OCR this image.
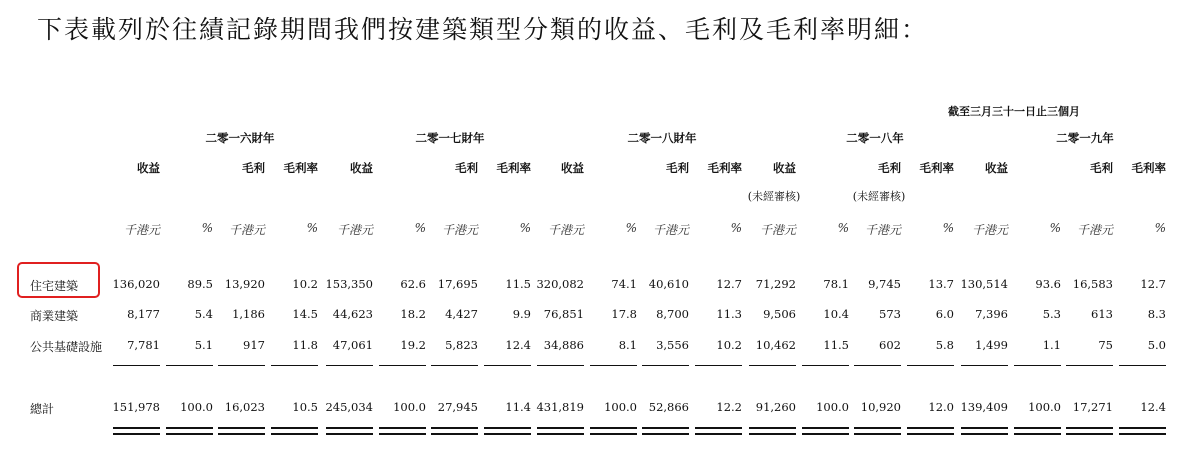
下表載列於往績記錄期間我們按建築類型分類的收益、毛利及毛利率明細：
截至三月三十一日止三個月
二零一六財年	二零一七財年	二零一八財年	二零一八年	二零一九年
收益	毛利	毛利率	收益	毛利	毛利率	收益	毛利	毛利率	收益	毛利	毛利率	收益	毛利	毛利率
(未經審核)	(未經審核)
千港元	%	千港元	%	千港元	%	千港元	%	千港元	%	千港元	%	千港元	%	千港元	%	千港元	%	千港元	%
住宅建築	136,020	89.5	13,920	10.2 153,350	62.6	17,695	11.5 320,082	74.1	40,610	12.7	71,292	78.1	9,745	13.7 130,514	93.6	16,583	12.7
商業建築	8,177	5.4	1,186	14.5	44,623	18.2	4,427	9.9	76,851	17.8	8,700	11.3	9,506	10.4	573	6.0	7,396	5.3	613	8.3
公共基礎設施	7,781	5.1	917	11.8	47,061	19.2	5,823	12.4	34,886	8.1	3,556	10.2	10,462	11.5	602	5.8	1,499	1.1	75	5.0
總計	151,978	100.0	16,023	10.5 245,034	100.0	27,945	11.4 431,819	100.0	52,866	12.2	91,260	100.0	10,920	12.0 139,409	100.0	17,271	12.4
